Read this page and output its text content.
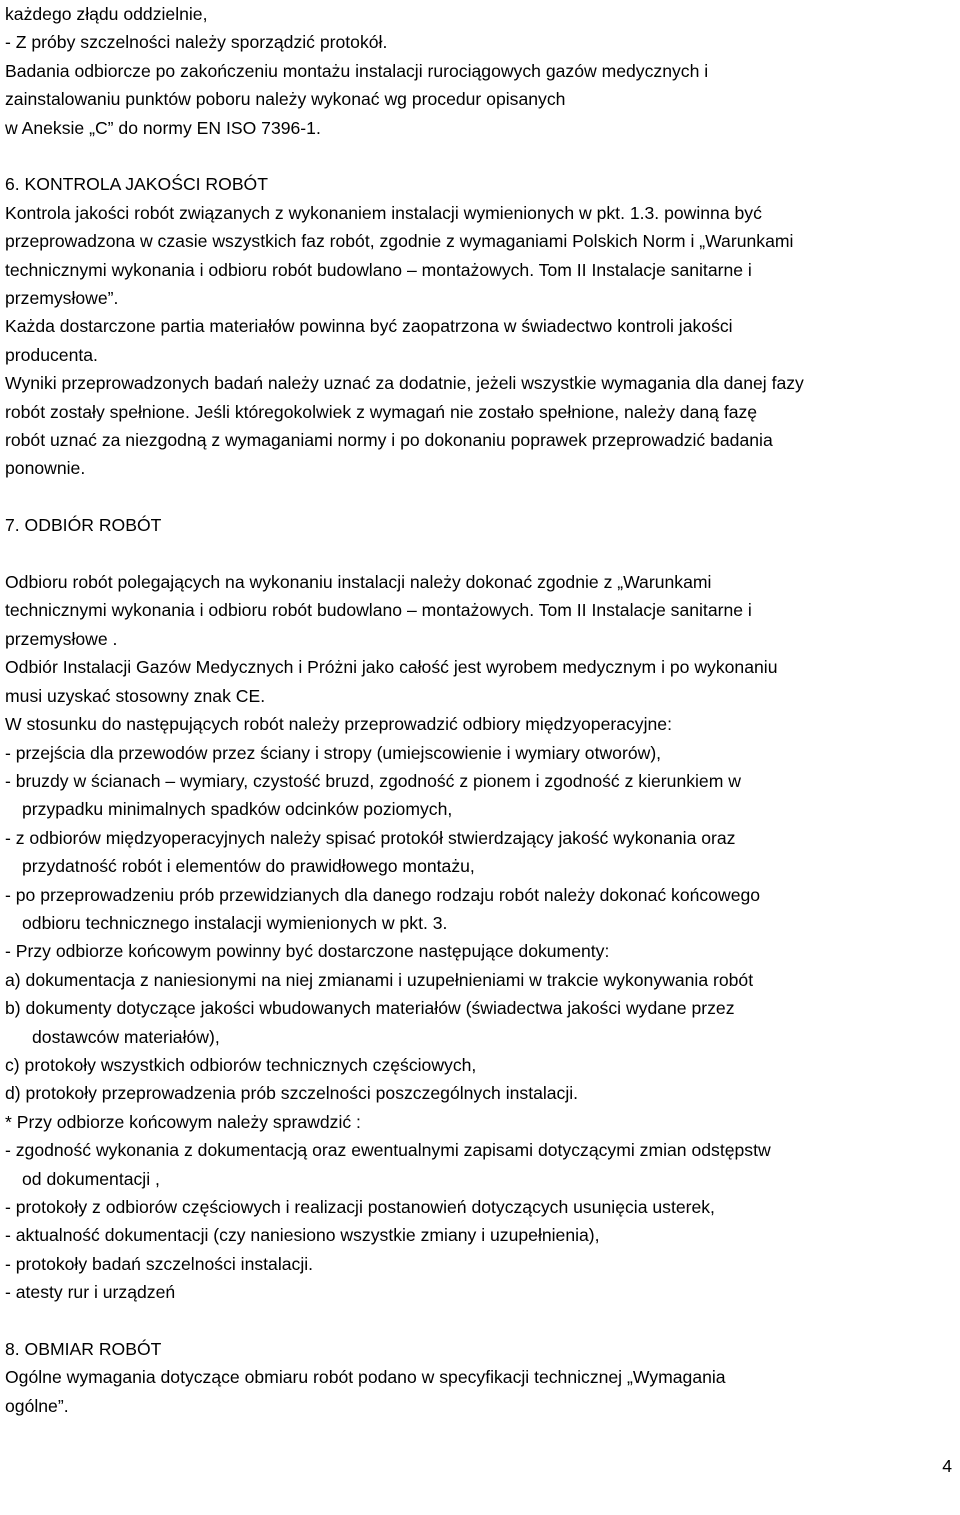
każdego złądu oddzielnie,

- Z próby szczelności należy sporządzić protokół.

Badania odbiorcze po zakończeniu montażu instalacji rurociągowych gazów medycznych i

zainstalowaniu punktów poboru należy wykonać wg procedur opisanych

w Aneksie „C” do normy EN ISO 7396-1.

6. KONTROLA JAKOŚCI ROBÓT

Kontrola jakości robót związanych z wykonaniem instalacji wymienionych w pkt. 1.3. powinna być

przeprowadzona w czasie wszystkich faz robót, zgodnie z wymaganiami Polskich Norm i „Warunkami

technicznymi wykonania i odbioru robót budowlano – montażowych. Tom II Instalacje sanitarne i

przemysłowe”.

Każda dostarczone partia materiałów powinna być zaopatrzona w świadectwo kontroli jakości

producenta.

Wyniki przeprowadzonych badań należy uznać za dodatnie, jeżeli wszystkie wymagania dla danej fazy

robót zostały spełnione. Jeśli któregokolwiek z wymagań nie zostało spełnione, należy daną fazę

robót uznać za niezgodną z wymaganiami normy i po dokonaniu poprawek przeprowadzić badania

ponownie.

7. ODBIÓR ROBÓT

Odbioru robót polegających na wykonaniu instalacji należy dokonać zgodnie z „Warunkami

technicznymi wykonania i odbioru robót budowlano – montażowych. Tom II Instalacje sanitarne i

przemysłowe .

Odbiór Instalacji Gazów Medycznych i Próżni jako całość jest wyrobem medycznym i po wykonaniu

musi uzyskać stosowny znak CE.

W stosunku do następujących robót należy przeprowadzić odbiory międzyoperacyjne:

- przejścia dla przewodów przez ściany i stropy (umiejscowienie i wymiary otworów),

- bruzdy w ścianach – wymiary, czystość bruzd, zgodność z pionem i zgodność z kierunkiem w

przypadku minimalnych spadków odcinków poziomych,

- z odbiorów międzyoperacyjnych należy spisać protokół stwierdzający jakość wykonania oraz

przydatność robót i elementów do prawidłowego montażu,

- po przeprowadzeniu prób przewidzianych dla danego rodzaju robót należy dokonać końcowego

odbioru technicznego instalacji wymienionych w pkt. 3.

- Przy odbiorze końcowym powinny być dostarczone następujące dokumenty:

a) dokumentacja z naniesionymi na niej zmianami i uzupełnieniami w trakcie wykonywania robót

b) dokumenty dotyczące jakości wbudowanych materiałów (świadectwa jakości wydane przez

dostawców materiałów),

c) protokoły wszystkich odbiorów technicznych częściowych,

d) protokoły przeprowadzenia prób szczelności poszczególnych instalacji.

* Przy odbiorze końcowym należy sprawdzić :

- zgodność wykonania z dokumentacją oraz ewentualnymi zapisami dotyczącymi zmian odstępstw

od dokumentacji ,

- protokoły z odbiorów częściowych i realizacji postanowień dotyczących usunięcia usterek,

- aktualność dokumentacji (czy naniesiono wszystkie zmiany i uzupełnienia),

- protokoły badań szczelności instalacji.

- atesty rur i urządzeń

8. OBMIAR ROBÓT

Ogólne wymagania dotyczące obmiaru robót podano w specyfikacji technicznej „Wymagania

ogólne”.

4
